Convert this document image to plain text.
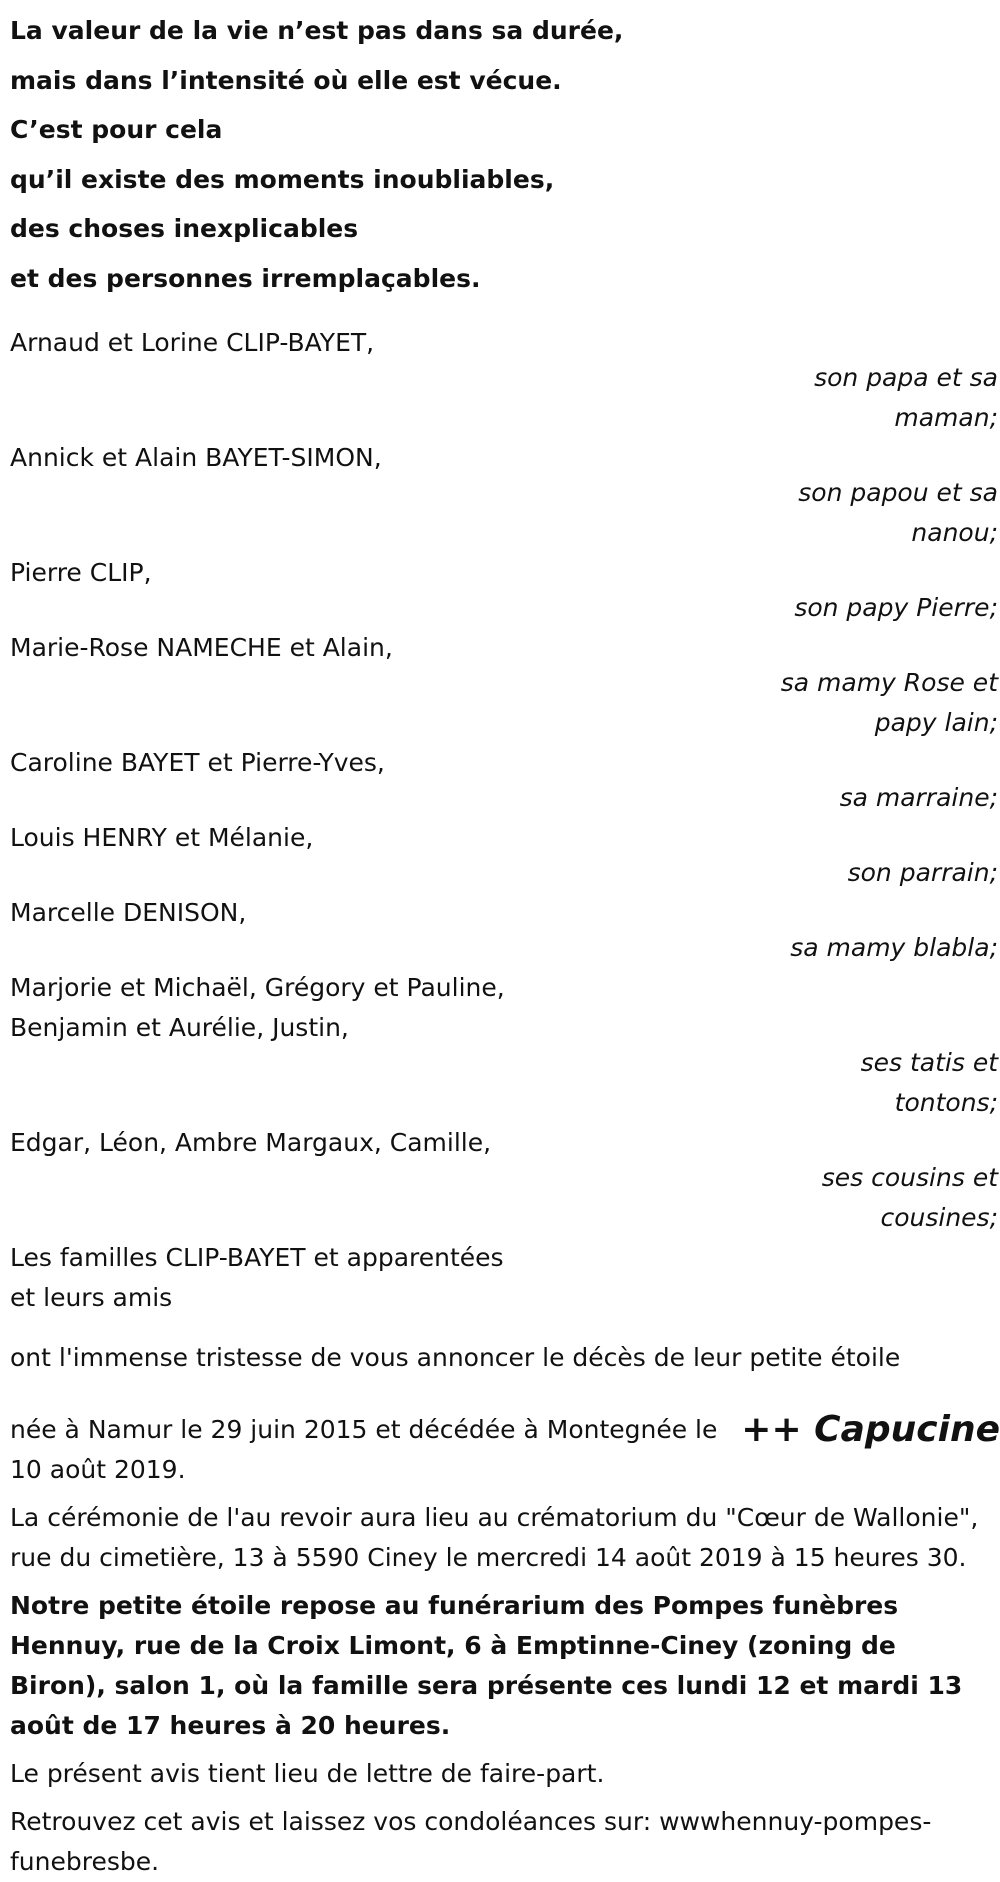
La valeur de la vie n’est pas dans sa durée,
mais dans l’intensité où elle est vécue.
C’est pour cela
qu’il existe des moments inoubliables,
des choses inexplicables
et des personnes irremplaçables.
Arnaud et Lorine CLIP-BAYET,
son papa et sa maman;
Annick et Alain BAYET-SIMON,
son papou et sa nanou;
Pierre CLIP,
son papy Pierre;
Marie-Rose NAMECHE et Alain,
sa mamy Rose et papy lain;
Caroline BAYET et Pierre-Yves,
sa marraine;
Louis HENRY et Mélanie,
son parrain;
Marcelle DENISON,
sa mamy blabla;
Marjorie et Michaël, Grégory et Pauline,
Benjamin et Aurélie, Justin,
ses tatis et tontons;
Edgar, Léon, Ambre Margaux, Camille,
ses cousins et cousines;
Les familles CLIP-BAYET et apparentées
et leurs amis
ont l'immense tristesse de vous annoncer le décès de leur petite étoile
++ Capucine
née à Namur le 29 juin 2015 et décédée à Montegnée le 10 août 2019.
La cérémonie de l'au revoir aura lieu au crématorium du "Cœur de Wallonie", rue du cimetière, 13 à 5590 Ciney le mercredi 14 août 2019 à 15 heures 30.
Notre petite étoile repose au funérarium des Pompes funèbres Hennuy, rue de la Croix Limont, 6 à Emptinne-Ciney (zoning de Biron), salon 1, où la famille sera présente ces lundi 12 et mardi 13 août de 17 heures à 20 heures.
Le présent avis tient lieu de lettre de faire-part.
Retrouvez cet avis et laissez vos condoléances sur: wwwhennuy-pompes-funebresbe.
